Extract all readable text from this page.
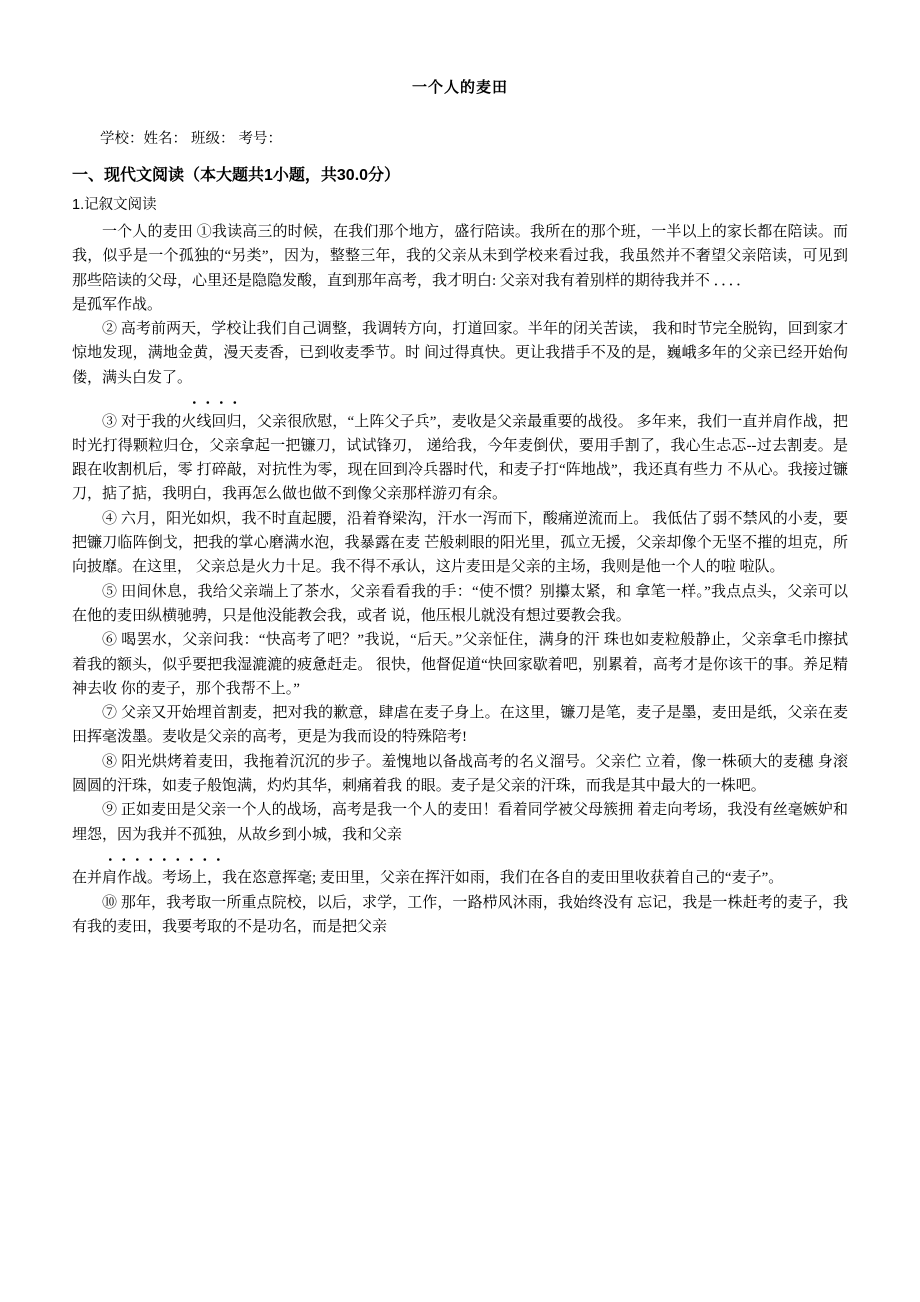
一个人的麦田
学校：姓名： 班级： 考号：
一、现代文阅读（本大题共1小题，共30.0分）
1.记叙文阅读

一个人的麦田 ①我读高三的时候，在我们那个地方，盛行陪读。我所在的那个班，一半以上的家长都在陪读。而我，似乎是一个孤独的“另类”，因为，整整三年，我的父亲从未到学校来看过我，我虽然并不奢望父亲陪读，可见到那些陪读的父母，心里还是隐隐发酸，直到那年高考，我才明白: 父亲对我有着别样的期待我并不 ．．．．

是孤军作战。

② 高考前两天，学校让我们自己调整，我调转方向，打道回家。半年的闭关苦读， 我和时节完全脱钩，回到家才惊地发现，满地金黄，漫天麦香，已到收麦季节。时 间过得真快。更让我措手不及的是，巍峨多年的父亲已经开始佝偻，满头白发了。

．．．．

③ 对于我的火线回归，父亲很欣慰，“上阵父子兵”，麦收是父亲最重要的战役。 多年来，我们一直并肩作战，把时光打得颗粒归仓，父亲拿起一把镰刀，试试锋刃， 递给我，今年麦倒伏，要用手割了，我心生忐忑--过去割麦。是跟在收割机后，零 打碎敲，对抗性为零，现在回到冷兵器时代，和麦子打“阵地战”，我还真有些力 不从心。我接过镰刀，掂了掂，我明白，我再怎么做也做不到像父亲那样游刃有余。

④ 六月，阳光如炽，我不时直起腰，沿着脊梁沟，汗水一泻而下，酸痛逆流而上。 我低估了弱不禁风的小麦，要把镰刀临阵倒戈，把我的掌心磨满水泡，我暴露在麦 芒般刺眼的阳光里，孤立无援，父亲却像个无坚不摧的坦克，所向披靡。在这里， 父亲总是火力十足。我不得不承认，这片麦田是父亲的主场，我则是他一个人的啦 啦队。

⑤ 田间休息，我给父亲端上了茶水，父亲看看我的手：“使不惯？别攥太紧，和 拿笔一样。”我点点头，父亲可以在他的麦田纵横驰骋，只是他没能教会我，或者 说，他压根儿就没有想过要教会我。

⑥ 喝罢水，父亲问我：“快高考了吧？”我说，“后天。”父亲怔住，满身的汗 珠也如麦粒般静止，父亲拿毛巾擦拭着我的额头，似乎要把我湿漉漉的疲惫赶走。 很快，他督促道“快回家歇着吧，别累着，高考才是你该干的事。养足精神去收 你的麦子，那个我帮不上。”

⑦ 父亲又开始埋首割麦，把对我的歉意，肆虐在麦子身上。在这里，镰刀是笔，麦子是墨，麦田是纸，父亲在麦田挥毫泼墨。麦收是父亲的高考，更是为我而设的特殊陪考!

⑧ 阳光烘烤着麦田，我拖着沉沉的步子。羞愧地以备战高考的名义溜号。父亲伫 立着，像一株硕大的麦穗 身滚圆圆的汗珠，如麦子般饱满，灼灼其华，刺痛着我 的眼。麦子是父亲的汗珠，而我是其中最大的一株吧。

⑨ 正如麦田是父亲一个人的战场，高考是我一个人的麦田！看着同学被父母簇拥 着走向考场，我没有丝毫嫉妒和埋怨，因为我并不孤独，从故乡到小城，我和父亲

．．．．．．．．．

在并肩作战。考场上，我在恣意挥毫; 麦田里，父亲在挥汗如雨，我们在各自的麦田里收获着自己的“麦子”。

⑩ 那年，我考取一所重点院校，以后，求学，工作，一路栉风沐雨，我始终没有 忘记，我是一株赶考的麦子，我有我的麦田，我要考取的不是功名，而是把父亲
